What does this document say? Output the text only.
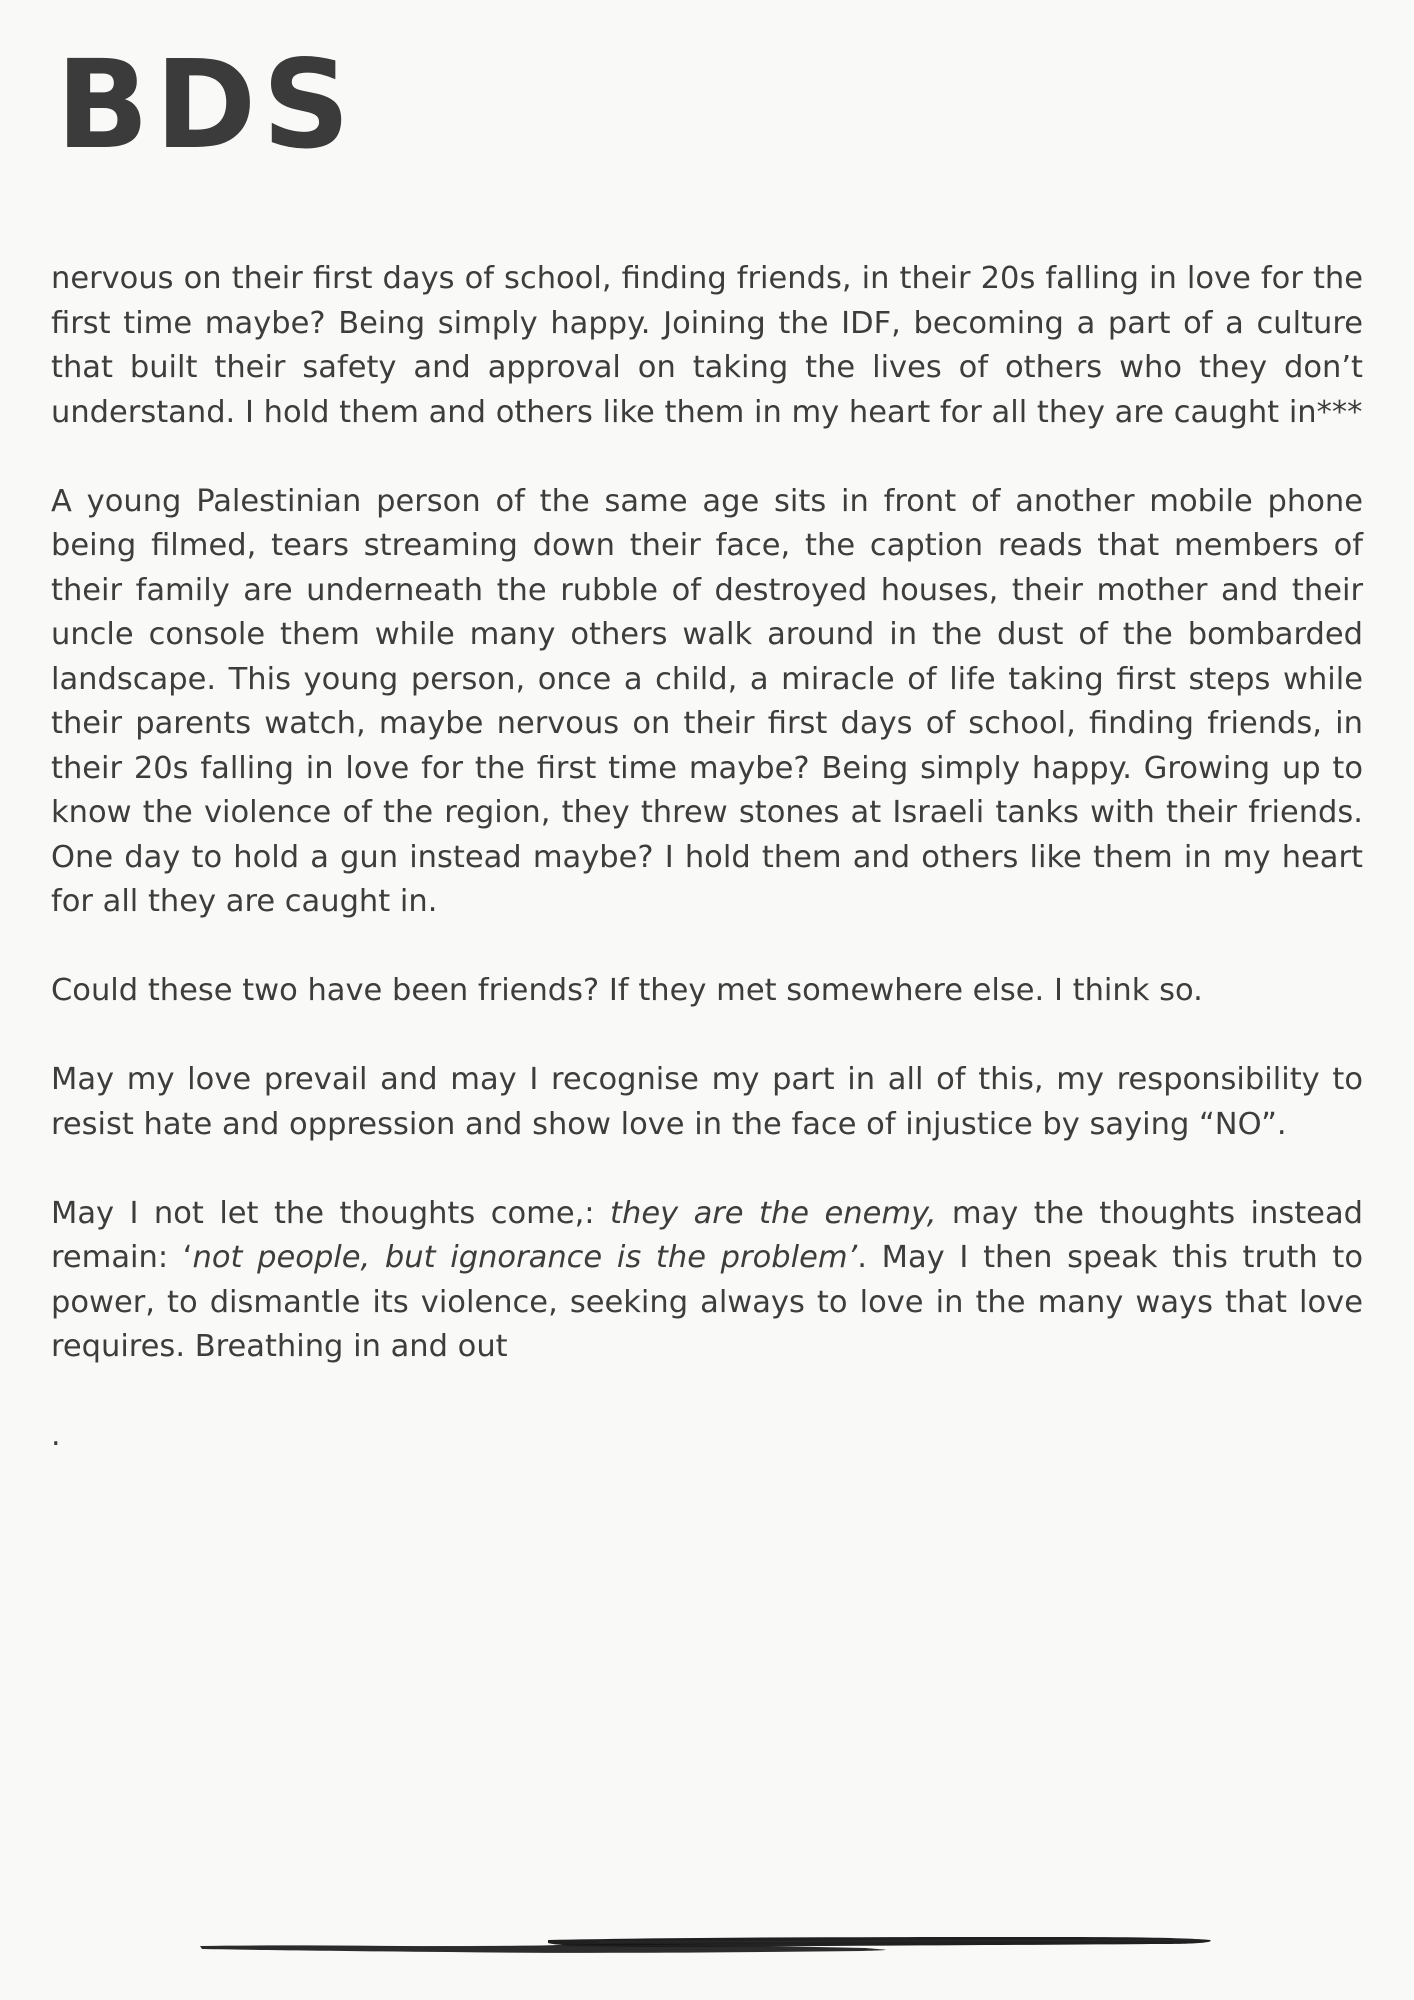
BDS

nervous on their first days of school, finding friends, in their 20s falling in love for the first time maybe? Being simply happy. Joining the IDF, becoming a part of a culture that built their safety and approval on taking the lives of others who they don’t understand. I hold them and others like them in my heart for all they are caught in***

A young Palestinian person of the same age sits in front of another mobile phone being filmed, tears streaming down their face, the caption reads that members of their family are underneath the rubble of destroyed houses, their mother and their uncle console them while many others walk around in the dust of the bombarded landscape. This young person, once a child, a miracle of life taking first steps while their parents watch, maybe nervous on their first days of school, finding friends, in their 20s falling in love for the first time maybe? Being simply happy. Growing up to know the violence of the region, they threw stones at Israeli tanks with their friends. One day to hold a gun instead maybe? I hold them and others like them in my heart for all they are caught in.

Could these two have been friends? If they met somewhere else. I think so.

May my love prevail and may I recognise my part in all of this, my responsibility to resist hate and oppression and show love in the face of injustice by saying “NO”.

May I not let the thoughts come,: they are the enemy, may the thoughts instead remain: ‘not people, but ignorance is the problem’. May I then speak this truth to power, to dismantle its violence, seeking always to love in the many ways that love requires. Breathing in and out

.
